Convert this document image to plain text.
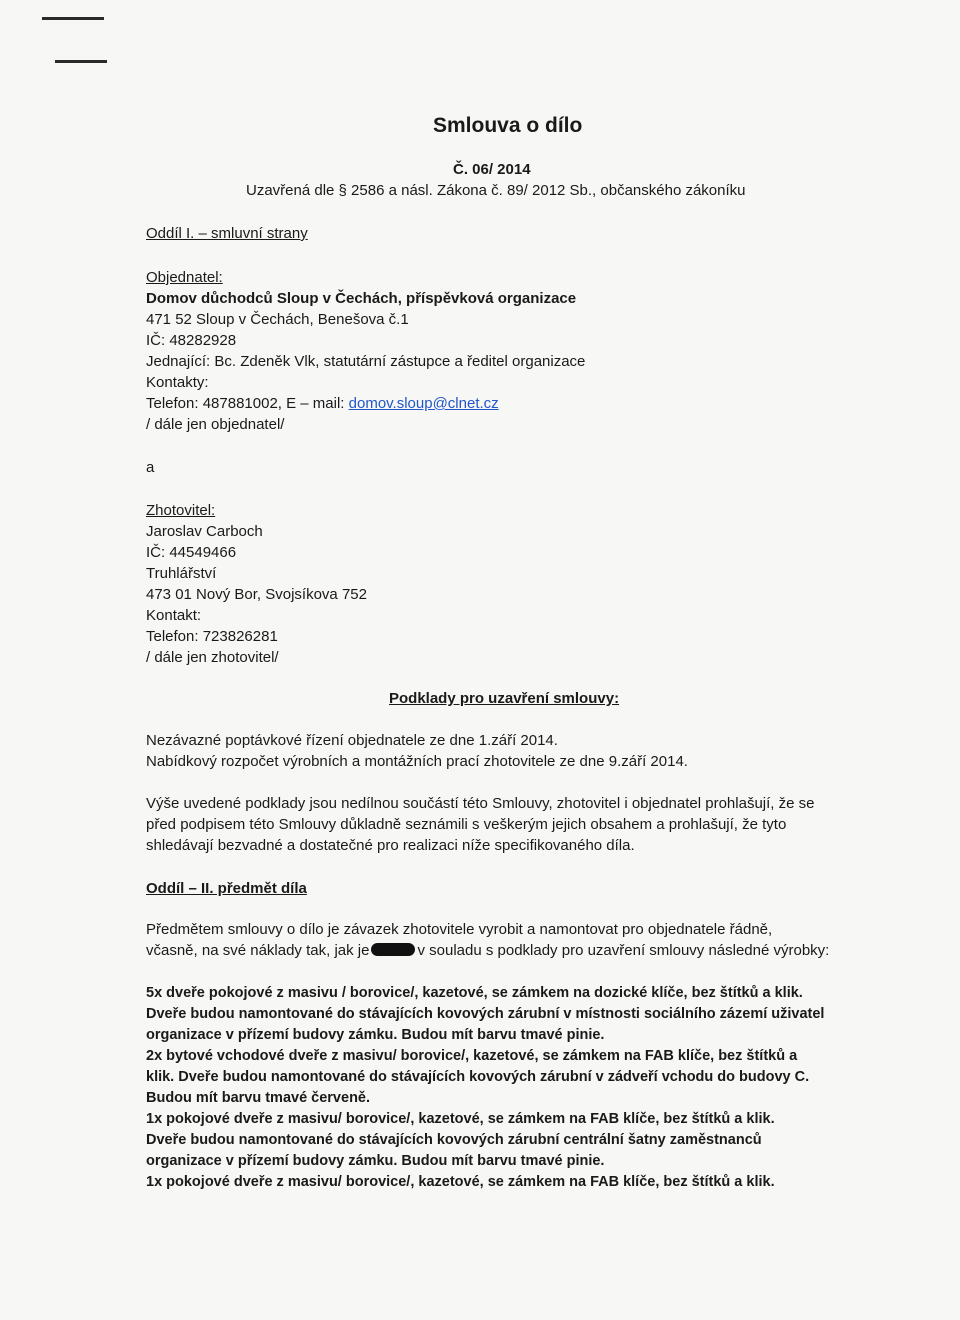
Smlouva o dílo
Č. 06/ 2014
Uzavřená dle § 2586 a násl. Zákona č. 89/ 2012 Sb., občanského zákoníku
Oddíl I. – smluvní strany
Objednatel:
Domov důchodců Sloup v Čechách, příspěvková organizace
471 52 Sloup v Čechách, Benešova č.1
IČ: 48282928
Jednající: Bc. Zdeněk Vlk, statutární zástupce a ředitel organizace
Kontakty:
Telefon: 487881002, E – mail: domov.sloup@clnet.cz
/ dále jen objednatel/
a
Zhotovitel:
Jaroslav Carboch
IČ: 44549466
Truhlářství
473 01 Nový Bor, Svojsíkova 752
Kontakt:
Telefon: 723826281
/ dále jen zhotovitel/
Podklady pro uzavření smlouvy:
Nezávazné poptávkové řízení objednatele ze dne 1.září 2014.
Nabídkový rozpočet výrobních a montážních prací zhotovitele ze dne 9.září 2014.
Výše uvedené podklady jsou nedílnou součástí této Smlouvy, zhotovitel i objednatel prohlašují, že se
před podpisem této Smlouvy důkladně seznámili s veškerým jejich obsahem a prohlašují, že tyto
shledávají bezvadné a dostatečné pro realizaci níže specifikovaného díla.
Oddíl – II. předmět díla
Předmětem smlouvy o dílo je závazek zhotovitele vyrobit a namontovat pro objednatele řádně,
včasně, na své náklady tak, jak je	v souladu s podklady pro uzavření smlouvy následné výrobky:
5x dveře pokojové z masivu / borovice/, kazetové, se zámkem na dozické klíče, bez štítků a klik.
Dveře budou namontované do stávajících kovových zárubní v místnosti sociálního zázemí uživatel
organizace v přízemí budovy zámku. Budou mít barvu tmavé pinie.
2x bytové vchodové dveře z masivu/ borovice/, kazetové, se zámkem na FAB klíče, bez štítků a
klik. Dveře budou namontované do stávajících kovových zárubní v zádveří vchodu do budovy C.
Budou mít barvu tmavé červeně.
1x pokojové dveře z masivu/ borovice/, kazetové, se zámkem na FAB klíče, bez štítků a klik.
Dveře budou namontované do stávajících kovových zárubní centrální šatny zaměstnanců
organizace v přízemí budovy zámku. Budou mít barvu tmavé pinie.
1x pokojové dveře z masivu/ borovice/, kazetové, se zámkem na FAB klíče, bez štítků a klik.
